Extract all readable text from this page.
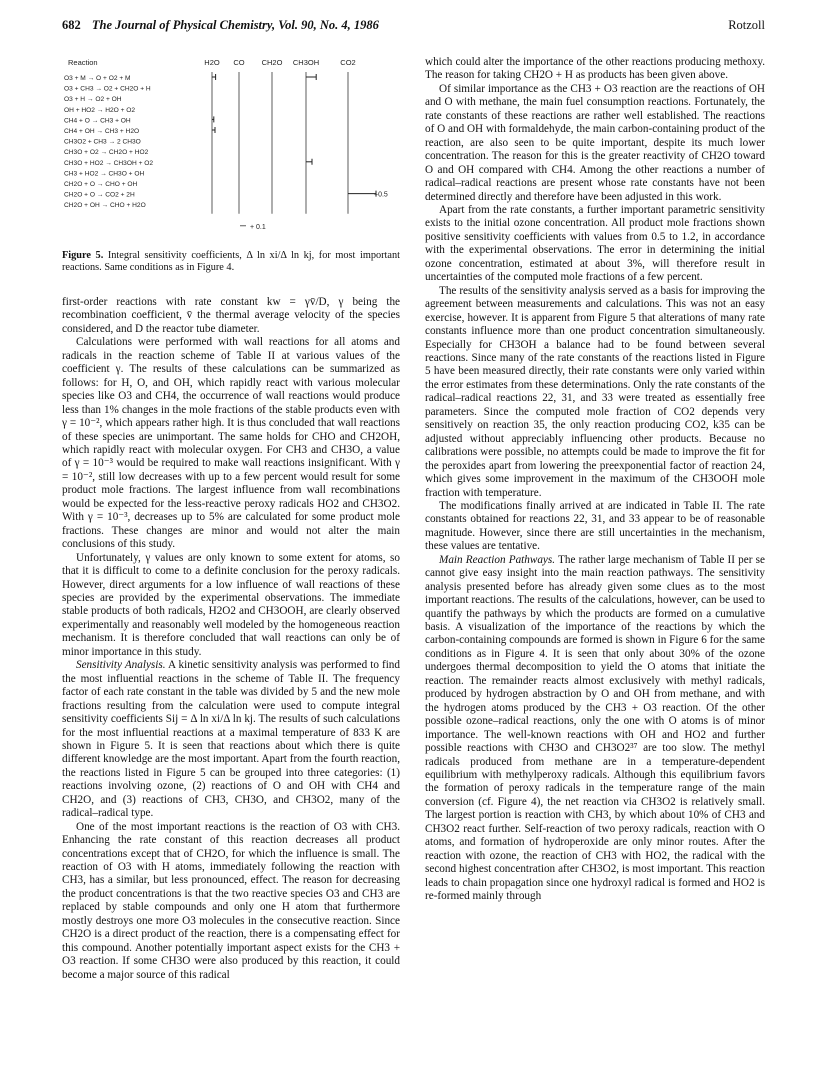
682 The Journal of Physical Chemistry, Vol. 90, No. 4, 1986	Rotzoll
Reaction	H2O CO CH2O CH3OH	CO2
O3 + M → O + O2 + M
O3 + CH3 → O2 + CH2O + H
O3 + H → O2 + OH
OH + HO2 → H2O + O2
CH4 + O → CH3 + OH
CH4 + OH → CH3 + H2O
CH3O2 + CH3 → 2 CH3O
CH3O + O2 → CH2O + HO2
CH3O + HO2 → CH3OH + O2
CH3 + HO2 → CH3O + OH
CH2O + O → CHO + OH
CH2O + O → CO2 + 2H
CH2O + OH → CHO + H2O
+0.5
+ 0.1
Figure 5. Integral sensitivity coefficients, Δ ln xi/Δ ln kj, for most important reactions. Same conditions as in Figure 4.

first-order reactions with rate constant kw = γv̄/D, γ being the recombination coefficient, v̄ the thermal average velocity of the species considered, and D the reactor tube diameter.

Calculations were performed with wall reactions for all atoms and radicals in the reaction scheme of Table II at various values of the coefficient γ. The results of these calculations can be summarized as follows: for H, O, and OH, which rapidly react with various molecular species like O3 and CH4, the occurrence of wall reactions would produce less than 1% changes in the mole fractions of the stable products even with γ = 10⁻², which appears rather high. It is thus concluded that wall reactions of these species are unimportant. The same holds for CHO and CH2OH, which rapidly react with molecular oxygen. For CH3 and CH3O, a value of γ = 10⁻³ would be required to make wall reactions insignificant. With γ = 10⁻², still low decreases with up to a few percent would result for some product mole fractions. The largest influence from wall recombinations would be expected for the less-reactive peroxy radicals HO2 and CH3O2. With γ = 10⁻³, decreases up to 5% are calculated for some product mole fractions. These changes are minor and would not alter the main conclusions of this study.

Unfortunately, γ values are only known to some extent for atoms, so that it is difficult to come to a definite conclusion for the peroxy radicals. However, direct arguments for a low influence of wall reactions of these species are provided by the experimental observations. The immediate stable products of both radicals, H2O2 and CH3OOH, are clearly observed experimentally and reasonably well modeled by the homogeneous reaction mechanism. It is therefore concluded that wall reactions can only be of minor importance in this study.

Sensitivity Analysis. A kinetic sensitivity analysis was performed to find the most influential reactions in the scheme of Table II. The frequency factor of each rate constant in the table was divided by 5 and the new mole fractions resulting from the calculation were used to compute integral sensitivity coefficients Sij = Δ ln xi/Δ ln kj. The results of such calculations for the most influential reactions at a maximal temperature of 833 K are shown in Figure 5. It is seen that reactions about which there is quite different knowledge are the most important. Apart from the fourth reaction, the reactions listed in Figure 5 can be grouped into three categories: (1) reactions involving ozone, (2) reactions of O and OH with CH4 and CH2O, and (3) reactions of CH3, CH3O, and CH3O2, many of the radical–radical type.

One of the most important reactions is the reaction of O3 with CH3. Enhancing the rate constant of this reaction decreases all product concentrations except that of CH2O, for which the influence is small. The reaction of O3 with H atoms, immediately following the reaction with CH3, has a similar, but less pronounced, effect. The reason for decreasing the product concentrations is that the two reactive species O3 and CH3 are replaced by stable compounds and only one H atom that furthermore mostly destroys one more O3 molecules in the consecutive reaction. Since CH2O is a direct product of the reaction, there is a compensating effect for this compound. Another potentially important aspect exists for the CH3 + O3 reaction. If some CH3O were also produced by this reaction, it could become a major source of this radical

which could alter the importance of the other reactions producing methoxy. The reason for taking CH2O + H as products has been given above.

Of similar importance as the CH3 + O3 reaction are the reactions of OH and O with methane, the main fuel consumption reactions. Fortunately, the rate constants of these reactions are rather well established. The reactions of O and OH with formaldehyde, the main carbon-containing product of the reaction, are also seen to be quite important, despite its much lower concentration. The reason for this is the greater reactivity of CH2O toward O and OH compared with CH4. Among the other reactions a number of radical–radical reactions are present whose rate constants have not been determined directly and therefore have been adjusted in this work.

Apart from the rate constants, a further important parametric sensitivity exists to the initial ozone concentration. All product mole fractions shown positive sensitivity coefficients with values from 0.5 to 1.2, in accordance with the experimental observations. The error in determining the initial ozone concentration, estimated at about 3%, will therefore result in uncertainties of the computed mole fractions of a few percent.

The results of the sensitivity analysis served as a basis for improving the agreement between measurements and calculations. This was not an easy exercise, however. It is apparent from Figure 5 that alterations of many rate constants influence more than one product concentration simultaneously. Especially for CH3OH a balance had to be found between several reactions. Since many of the rate constants of the reactions listed in Figure 5 have been measured directly, their rate constants were only varied within the error estimates from these determinations. Only the rate constants of the radical–radical reactions 22, 31, and 33 were treated as essentially free parameters. Since the computed mole fraction of CO2 depends very sensitively on reaction 35, the only reaction producing CO2, k35 can be adjusted without appreciably influencing other products. Because no calibrations were possible, no attempts could be made to improve the fit for the peroxides apart from lowering the preexponential factor of reaction 24, which gives some improvement in the maximum of the CH3OOH mole fraction with temperature.

The modifications finally arrived at are indicated in Table II. The rate constants obtained for reactions 22, 31, and 33 appear to be of reasonable magnitude. However, since there are still uncertainties in the mechanism, these values are tentative.

Main Reaction Pathways. The rather large mechanism of Table II per se cannot give easy insight into the main reaction pathways. The sensitivity analysis presented before has already given some clues as to the most important reactions. The results of the calculations, however, can be used to quantify the pathways by which the products are formed on a cumulative basis. A visualization of the importance of the reactions by which the carbon-containing compounds are formed is shown in Figure 6 for the same conditions as in Figure 4. It is seen that only about 30% of the ozone undergoes thermal decomposition to yield the O atoms that initiate the reaction. The remainder reacts almost exclusively with methyl radicals, produced by hydrogen abstraction by O and OH from methane, and with the hydrogen atoms produced by the CH3 + O3 reaction. Of the other possible ozone–radical reactions, only the one with O atoms is of minor importance. The well-known reactions with OH and HO2 and further possible reactions with CH3O and CH3O2³⁷ are too slow. The methyl radicals produced from methane are in a temperature-dependent equilibrium with methylperoxy radicals. Although this equilibrium favors the formation of peroxy radicals in the temperature range of the main conversion (cf. Figure 4), the net reaction via CH3O2 is relatively small. The largest portion is reaction with CH3, by which about 10% of CH3 and CH3O2 react further. Self-reaction of two peroxy radicals, reaction with O atoms, and formation of hydroperoxide are only minor routes. After the reaction with ozone, the reaction of CH3 with HO2, the radical with the second highest concentration after CH3O2, is most important. This reaction leads to chain propagation since one hydroxyl radical is formed and HO2 is re-formed mainly through
